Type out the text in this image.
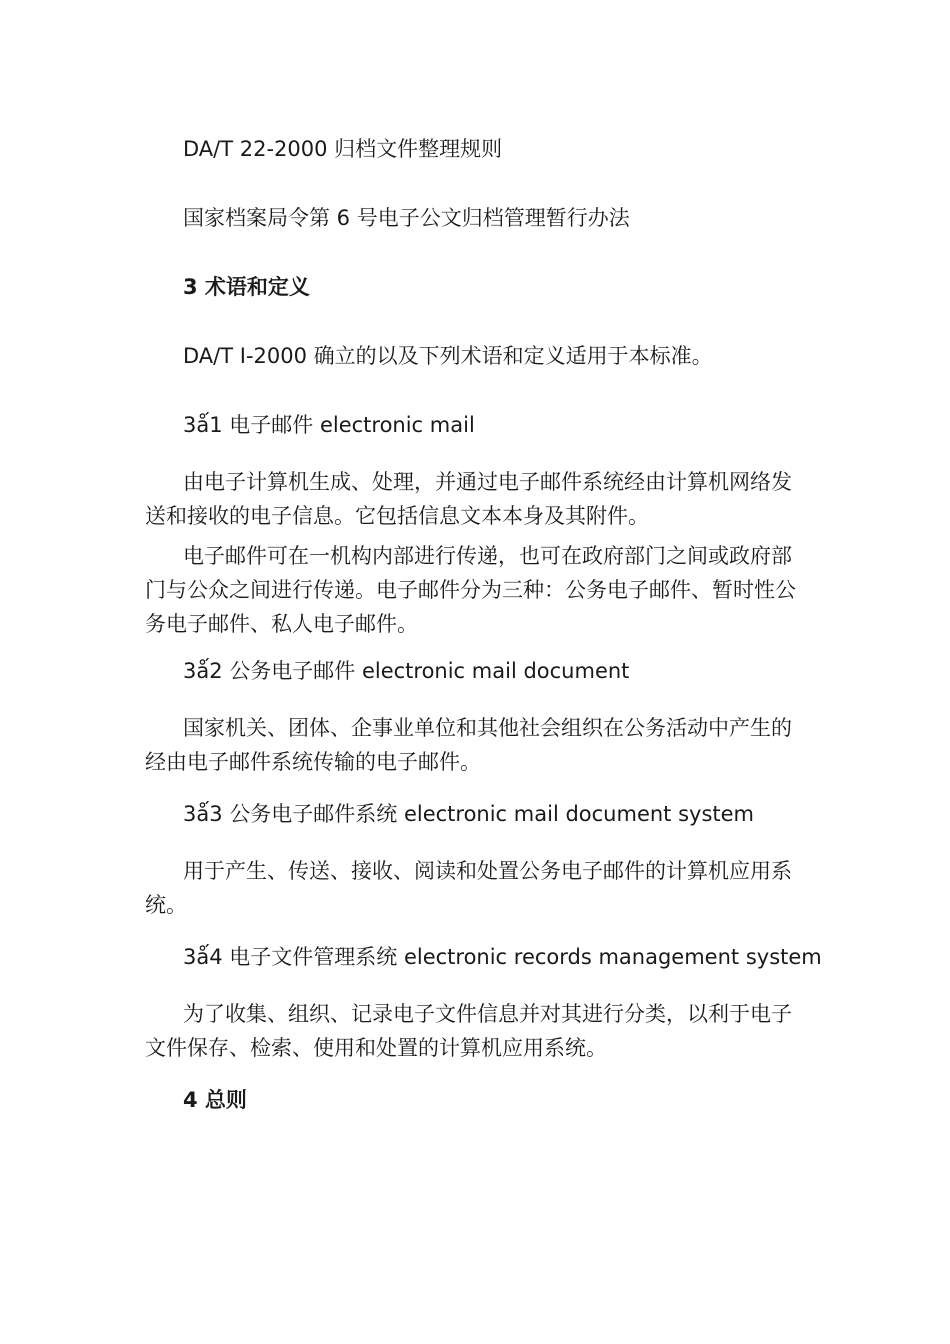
DA/T 22-2000 归档文件整理规则
国家档案局令第 6 号电子公文归档管理暂行办法
3 术语和定义
DA/T I-2000 确立的以及下列术语和定义适用于本标准。
3ǻ1 电子邮件 electronic mail
由电子计算机生成、处理，并通过电子邮件系统经由计算机网络发送和接收的电子信息。它包括信息文本本身及其附件。
电子邮件可在一机构内部进行传递，也可在政府部门之间或政府部门与公众之间进行传递。电子邮件分为三种：公务电子邮件、暂时性公务电子邮件、私人电子邮件。
3ǻ2 公务电子邮件 electronic mail document
国家机关、团体、企事业单位和其他社会组织在公务活动中产生的经由电子邮件系统传输的电子邮件。
3ǻ3 公务电子邮件系统 electronic mail document system
用于产生、传送、接收、阅读和处置公务电子邮件的计算机应用系统。
3ǻ4 电子文件管理系统 electronic records management system
为了收集、组织、记录电子文件信息并对其进行分类，以利于电子文件保存、检索、使用和处置的计算机应用系统。
4 总则
